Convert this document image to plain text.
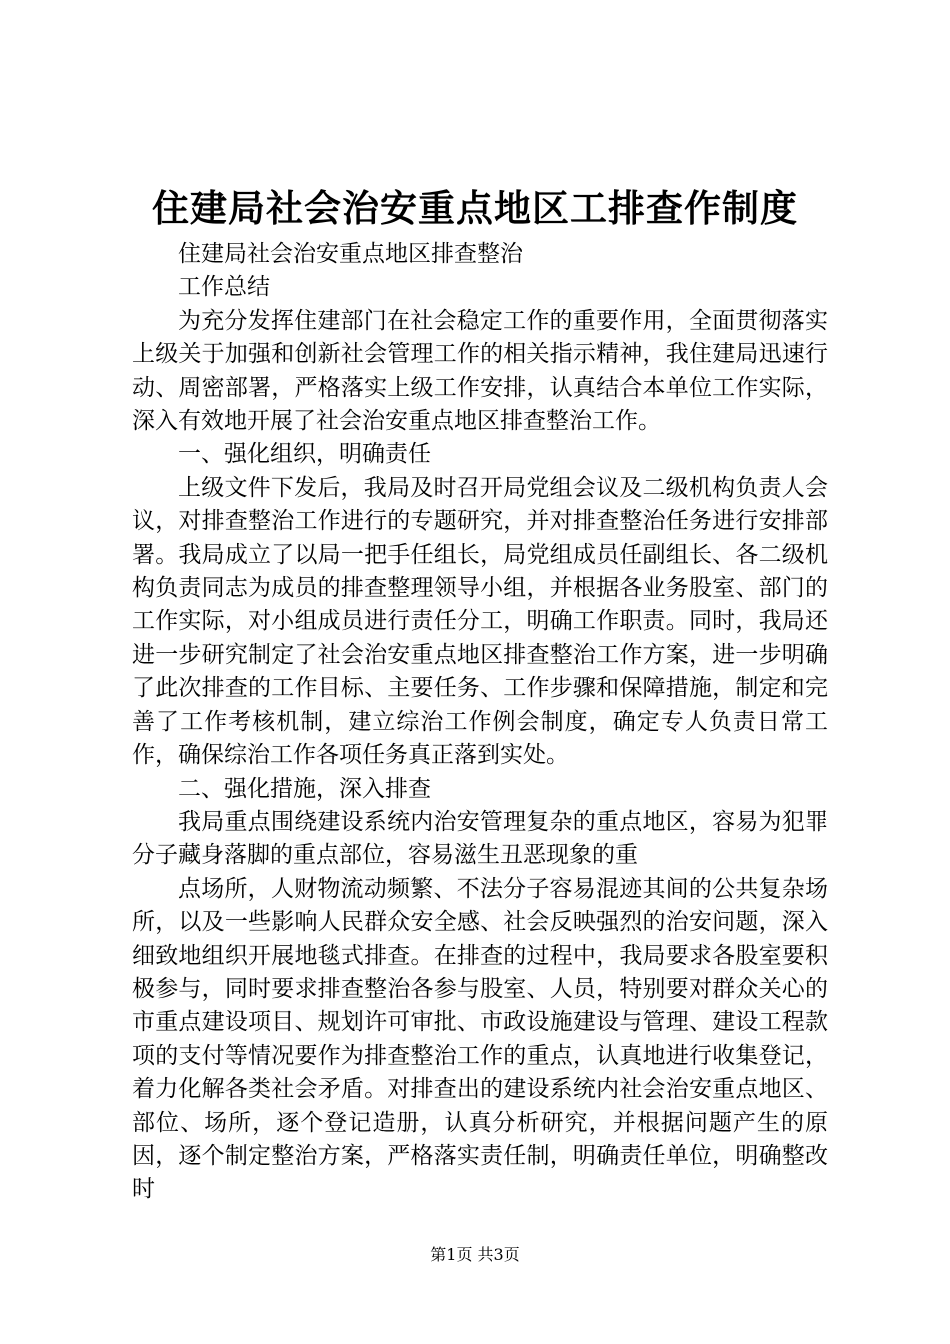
住建局社会治安重点地区工排查作制度

住建局社会治安重点地区排查整治

工作总结

为充分发挥住建部门在社会稳定工作的重要作用，全面贯彻落实上级关于加强和创新社会管理工作的相关指示精神，我住建局迅速行动、周密部署，严格落实上级工作安排，认真结合本单位工作实际，深入有效地开展了社会治安重点地区排查整治工作。

一、强化组织，明确责任

上级文件下发后，我局及时召开局党组会议及二级机构负责人会议，对排查整治工作进行的专题研究，并对排查整治任务进行安排部署。我局成立了以局一把手任组长，局党组成员任副组长、各二级机构负责同志为成员的排查整理领导小组，并根据各业务股室、部门的工作实际，对小组成员进行责任分工，明确工作职责。同时，我局还进一步研究制定了社会治安重点地区排查整治工作方案，进一步明确了此次排查的工作目标、主要任务、工作步骤和保障措施，制定和完善了工作考核机制，建立综治工作例会制度，确定专人负责日常工作，确保综治工作各项任务真正落到实处。

二、强化措施，深入排查

我局重点围绕建设系统内治安管理复杂的重点地区，容易为犯罪分子藏身落脚的重点部位，容易滋生丑恶现象的重

点场所，人财物流动频繁、不法分子容易混迹其间的公共复杂场所，以及一些影响人民群众安全感、社会反映强烈的治安问题，深入细致地组织开展地毯式排查。在排查的过程中，我局要求各股室要积极参与，同时要求排查整治各参与股室、人员，特别要对群众关心的市重点建设项目、规划许可审批、市政设施建设与管理、建设工程款项的支付等情况要作为排查整治工作的重点，认真地进行收集登记，着力化解各类社会矛盾。对排查出的建设系统内社会治安重点地区、部位、场所，逐个登记造册，认真分析研究，并根据问题产生的原因，逐个制定整治方案，严格落实责任制，明确责任单位，明确整改时

第1页 共3页
